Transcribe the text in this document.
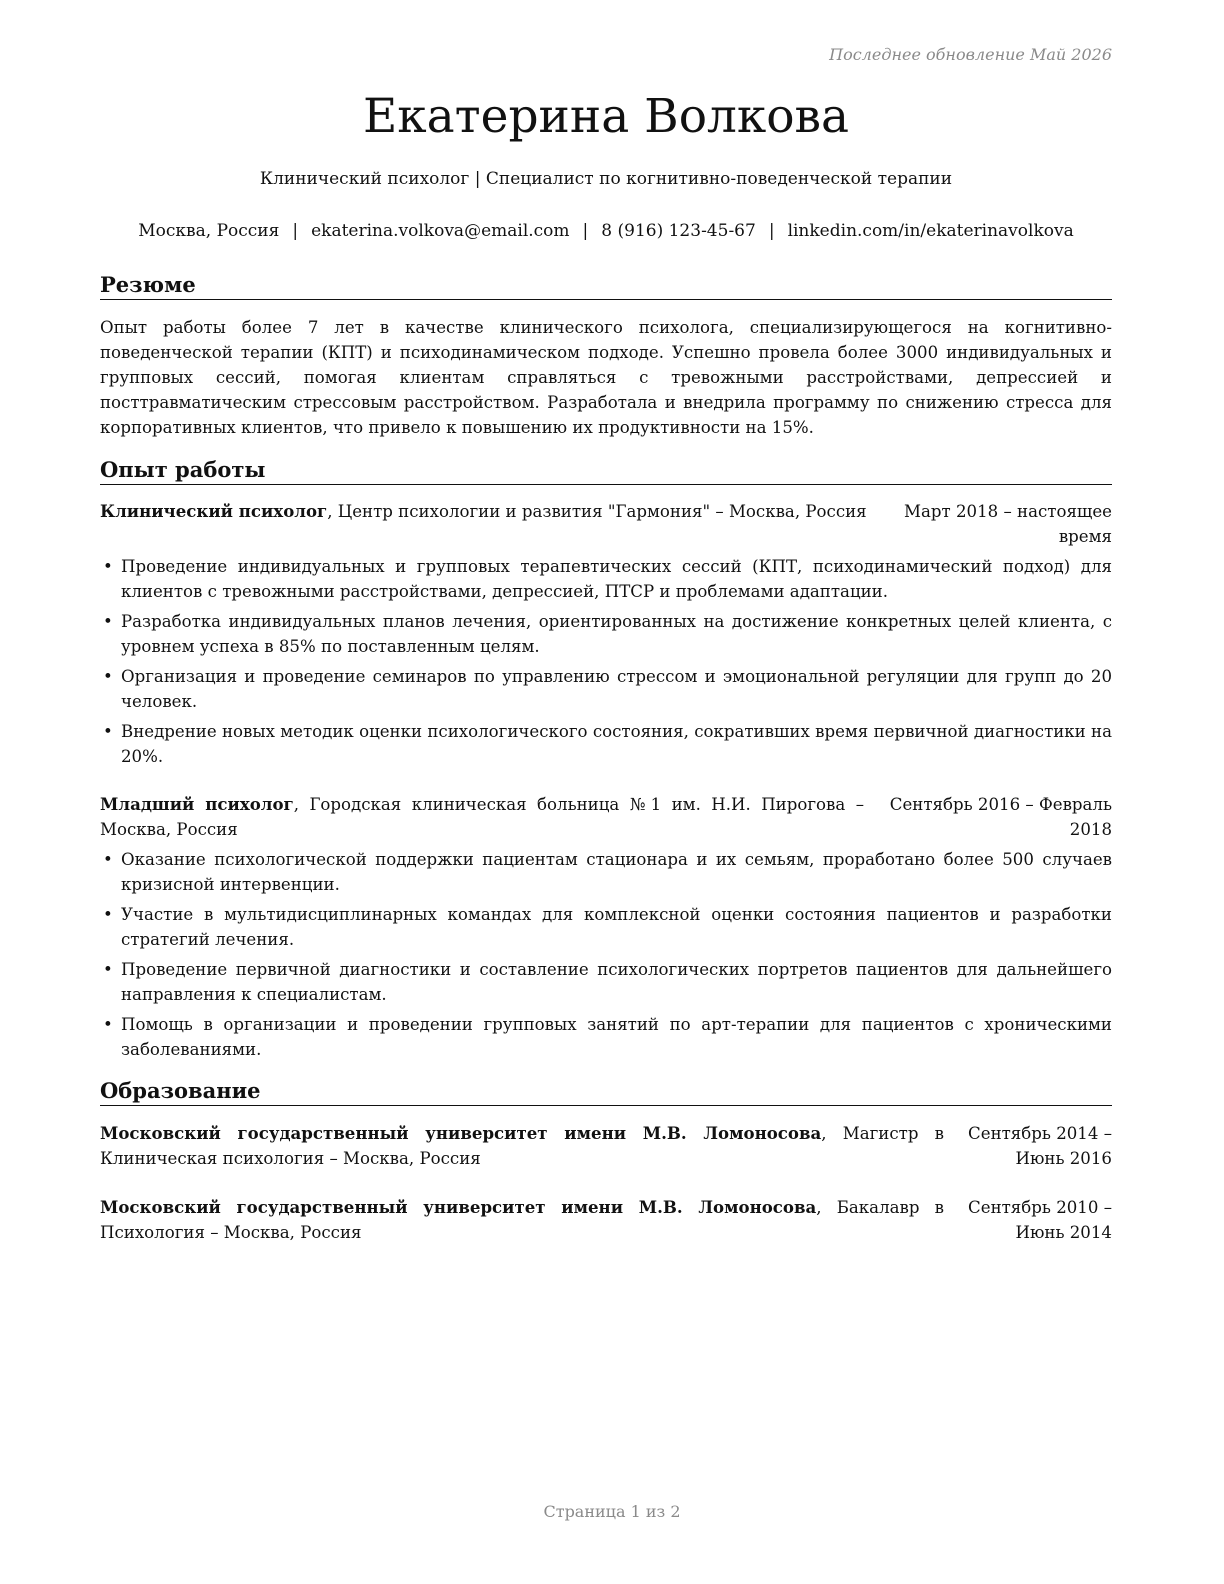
Последнее обновление Май 2026
Екатерина Волкова
Клинический психолог | Специалист по когнитивно-поведенческой терапии
Москва, Россия | ekaterina.volkova@email.com | 8 (916) 123-45-67 | linkedin.com/in/ekaterinavolkova
Резюме

Опыт работы более 7 лет в качестве клинического психолога, специализирующегося на когнитивно-поведенческой терапии (КПТ) и психодинамическом подходе. Успешно провела более 3000 индивидуальных и групповых сессий, помогая клиентам справляться с тревожными расстройствами, депрессией и посттравматическим стрессовым расстройством. Разработала и внедрила программу по снижению стресса для корпоративных клиентов, что привело к повышению их продуктивности на 15%.

Опыт работы
Клинический психолог, Центр психологии и развития "Гармония" – Москва, Россия	Март 2018 – настоящее время
• Проведение индивидуальных и групповых терапевтических сессий (КПТ, психодинамический подход) для клиентов с тревожными расстройствами, депрессией, ПТСР и проблемами адаптации.
• Разработка индивидуальных планов лечения, ориентированных на достижение конкретных целей клиента, с уровнем успеха в 85% по поставленным целям.
• Организация и проведение семинаров по управлению стрессом и эмоциональной регуляции для групп до 20 человек.
• Внедрение новых методик оценки психологического состояния, сокративших время первичной диагностики на 20%.
Младший психолог, Городская клиническая больница №1 им. Н.И. Пирогова – Москва, Россия
Сентябрь 2016 – Февраль 2018
• Оказание психологической поддержки пациентам стационара и их семьям, проработано более 500 случаев кризисной интервенции.
• Участие в мультидисциплинарных командах для комплексной оценки состояния пациентов и разработки стратегий лечения.
• Проведение первичной диагностики и составление психологических портретов пациентов для дальнейшего направления к специалистам.
• Помощь в организации и проведении групповых занятий по арт-терапии для пациентов с хроническими заболеваниями.
Образование
Московский государственный университет имени М.В. Ломоносова, Магистр в Клиническая психология – Москва, Россия
Сентябрь 2014 – Июнь 2016
Московский государственный университет имени М.В. Ломоносова, Бакалавр в Психология – Москва, Россия
Сентябрь 2010 – Июнь 2014
Страница 1 из 2
